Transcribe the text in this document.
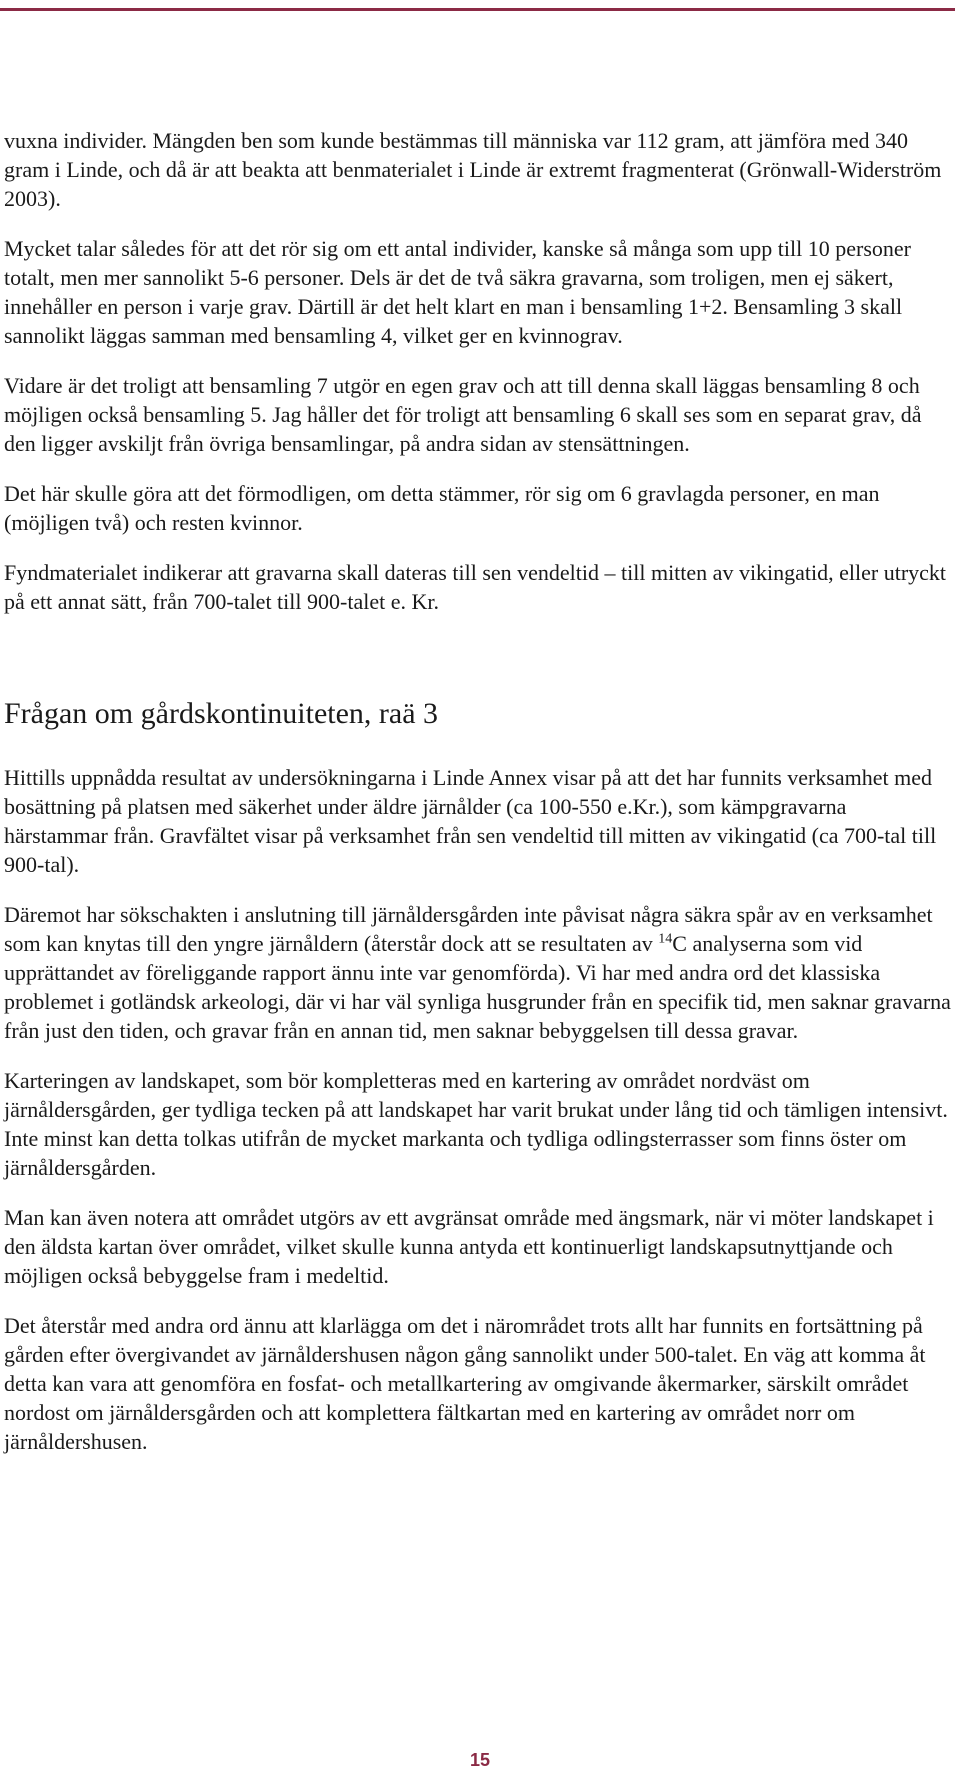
vuxna individer. Mängden ben som kunde bestämmas till människa var 112 gram, att jämföra med 340 gram i Linde, och då är att beakta att benmaterialet i Linde är extremt fragmenterat (Grönwall-Widerström 2003).

Mycket talar således för att det rör sig om ett antal individer, kanske så många som upp till 10 personer totalt, men mer sannolikt 5-6 personer. Dels är det de två säkra gravarna, som troligen, men ej säkert, innehåller en person i varje grav. Därtill är det helt klart en man i bensamling 1+2. Bensamling 3 skall sannolikt läggas samman med bensamling 4, vilket ger en kvinnograv.

Vidare är det troligt att bensamling 7 utgör en egen grav och att till denna skall läggas bensamling 8 och möjligen också bensamling 5. Jag håller det för troligt att bensamling 6 skall ses som en separat grav, då den ligger avskiljt från övriga bensamlingar, på andra sidan av stensättningen.

Det här skulle göra att det förmodligen, om detta stämmer, rör sig om 6 gravlagda personer, en man (möjligen två) och resten kvinnor.

Fyndmaterialet indikerar att gravarna skall dateras till sen vendeltid – till mitten av vikingatid, eller utryckt på ett annat sätt, från 700-talet till 900-talet e. Kr.

Frågan om gårdskontinuiteten, raä 3

Hittills uppnådda resultat av undersökningarna i Linde Annex visar på att det har funnits verksamhet med bosättning på platsen med säkerhet under äldre järnålder (ca 100-550 e.Kr.), som kämpgravarna härstammar från. Gravfältet visar på verksamhet från sen vendeltid till mitten av vikingatid (ca 700-tal till 900-tal).

Däremot har sökschakten i anslutning till järnåldersgården inte påvisat några säkra spår av en verksamhet som kan knytas till den yngre järnåldern (återstår dock att se resultaten av $^{14}$C analyserna som vid upprättandet av föreliggande rapport ännu inte var genomförda). Vi har med andra ord det klassiska problemet i gotländsk arkeologi, där vi har väl synliga husgrunder från en specifik tid, men saknar gravarna från just den tiden, och gravar från en annan tid, men saknar bebyggelsen till dessa gravar.

Karteringen av landskapet, som bör kompletteras med en kartering av området nordväst om järnåldersgården, ger tydliga tecken på att landskapet har varit brukat under lång tid och tämligen intensivt. Inte minst kan detta tolkas utifrån de mycket markanta och tydliga odlingsterrasser som finns öster om järnåldersgården.

Man kan även notera att området utgörs av ett avgränsat område med ängsmark, när vi möter landskapet i den äldsta kartan över området, vilket skulle kunna antyda ett kontinuerligt landskapsutnyttjande och möjligen också bebyggelse fram i medeltid.

Det återstår med andra ord ännu att klarlägga om det i närområdet trots allt har funnits en fortsättning på gården efter övergivandet av järnåldershusen någon gång sannolikt under 500-talet. En väg att komma åt detta kan vara att genomföra en fosfat- och metallkartering av omgivande åkermarker, särskilt området nordost om järnåldersgården och att komplettera fältkartan med en kartering av området norr om järnåldershusen.

15
